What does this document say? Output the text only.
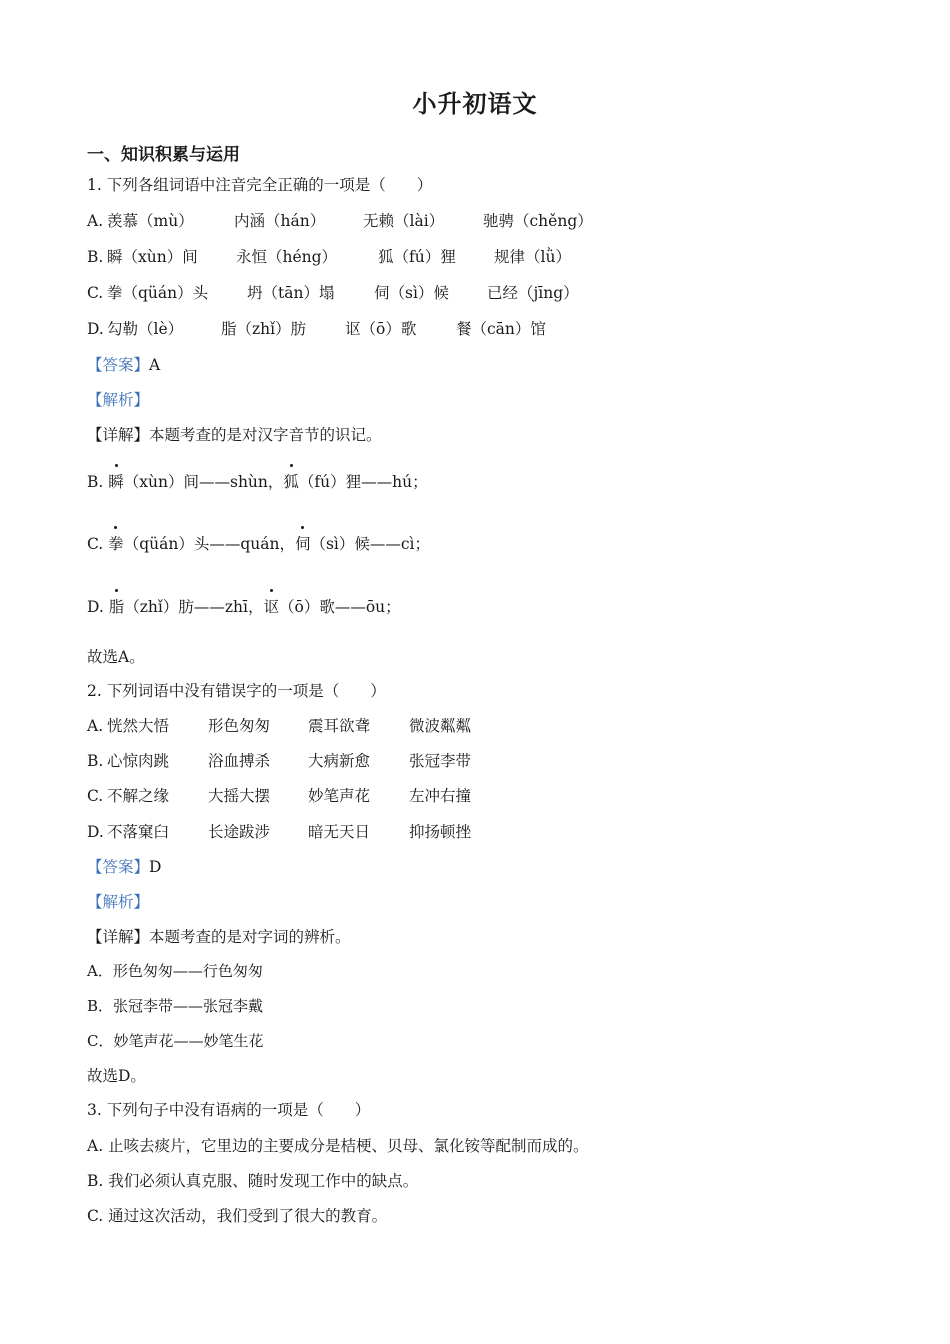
小升初语文
一、知识积累与运用
1. 下列各组词语中注音完全正确的一项是（　　）
A. 羡慕（mù）	内涵（hán） 无赖（lài）	驰骋（chěng）
B. 瞬（xùn）间 永恒（héng）	狐（fú）狸 规律（lǜ）
C. 拳（qüán）头	坍（tān）塌	伺（sì）候 已经（jīng）
D. 勾勒（lè） 脂（zhǐ）肪	讴（ō）歌	餐（cān）馆
【答案】A
【解析】
【详解】本题考查的是对汉字音节的识记。
B. 瞬（xùn）间——shùn，狐（fú）狸——hú；
C. 拳（qüán）头——quán，伺（sì）候——cì；
D. 脂（zhǐ）肪——zhī，讴（ō）歌——ōu；
故选A。
2. 下列词语中没有错误字的一项是（　　）
A. 恍然大悟	形色匆匆 震耳欲聋	微波粼粼
B. 心惊肉跳	浴血搏杀 大病新愈	张冠李带
C. 不解之缘	大摇大摆 妙笔声花	左冲右撞
D. 不落窠臼	长途跋涉 暗无天日	抑扬顿挫
【答案】D
【解析】
【详解】本题考查的是对字词的辨析。
A．形色匆匆——行色匆匆
B．张冠李带——张冠李戴
C．妙笔声花——妙笔生花
故选D。
3. 下列句子中没有语病的一项是（　　）
A. 止咳去痰片，它里边的主要成分是桔梗、贝母、氯化铵等配制而成的。
B. 我们必须认真克服、随时发现工作中的缺点。
C. 通过这次活动，我们受到了很大的教育。
